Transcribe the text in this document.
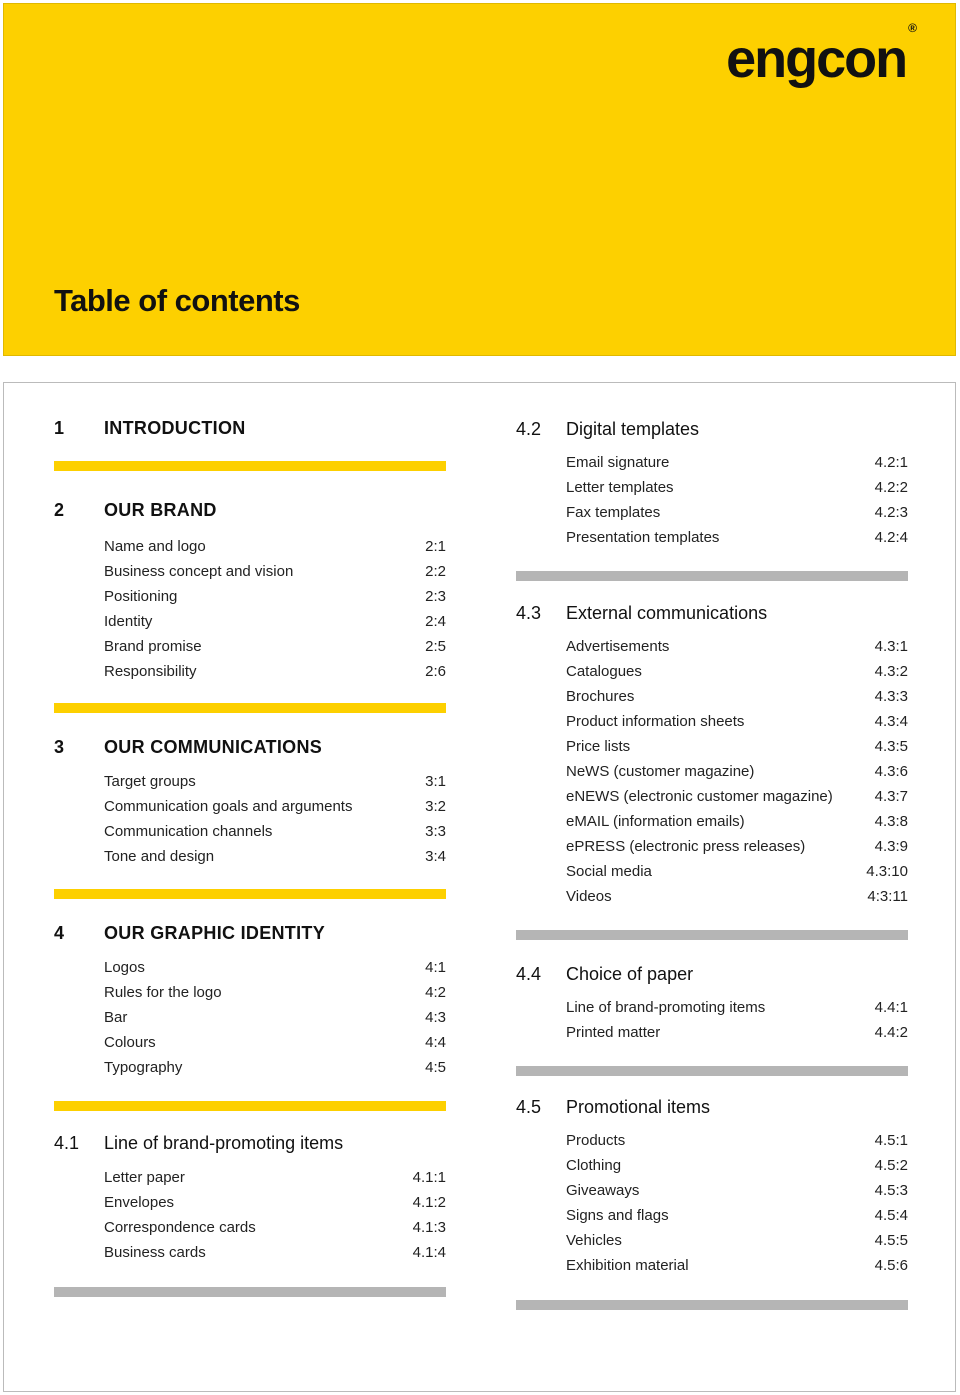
engcon®
Table of contents
1	INTRODUCTION
2	OUR BRAND
Name and logo	2:1
Business concept and vision	2:2
Positioning	2:3
Identity	2:4
Brand promise	2:5
Responsibility	2:6
3	OUR COMMUNICATIONS
Target groups	3:1
Communication goals and arguments	3:2
Communication channels	3:3
Tone and design	3:4
4	OUR GRAPHIC IDENTITY
Logos	4:1
Rules for the logo	4:2
Bar	4:3
Colours	4:4
Typography	4:5
4.1	Line of brand-promoting items
Letter paper	4.1:1
Envelopes	4.1:2
Correspondence cards	4.1:3
Business cards	4.1:4
4.2	Digital templates
Email signature	4.2:1
Letter templates	4.2:2
Fax templates	4.2:3
Presentation templates	4.2:4
4.3	External communications
Advertisements	4.3:1
Catalogues	4.3:2
Brochures	4.3:3
Product information sheets	4.3:4
Price lists	4.3:5
NeWS (customer magazine)	4.3:6
eNEWS (electronic customer magazine)	4.3:7
eMAIL (information emails)	4.3:8
ePRESS (electronic press releases)	4.3:9
Social media	4.3:10
Videos	4:3:11
4.4	Choice of paper
Line of brand-promoting items	4.4:1
Printed matter	4.4:2
4.5	Promotional items
Products	4.5:1
Clothing	4.5:2
Giveaways	4.5:3
Signs and flags	4.5:4
Vehicles	4.5:5
Exhibition material	4.5:6
